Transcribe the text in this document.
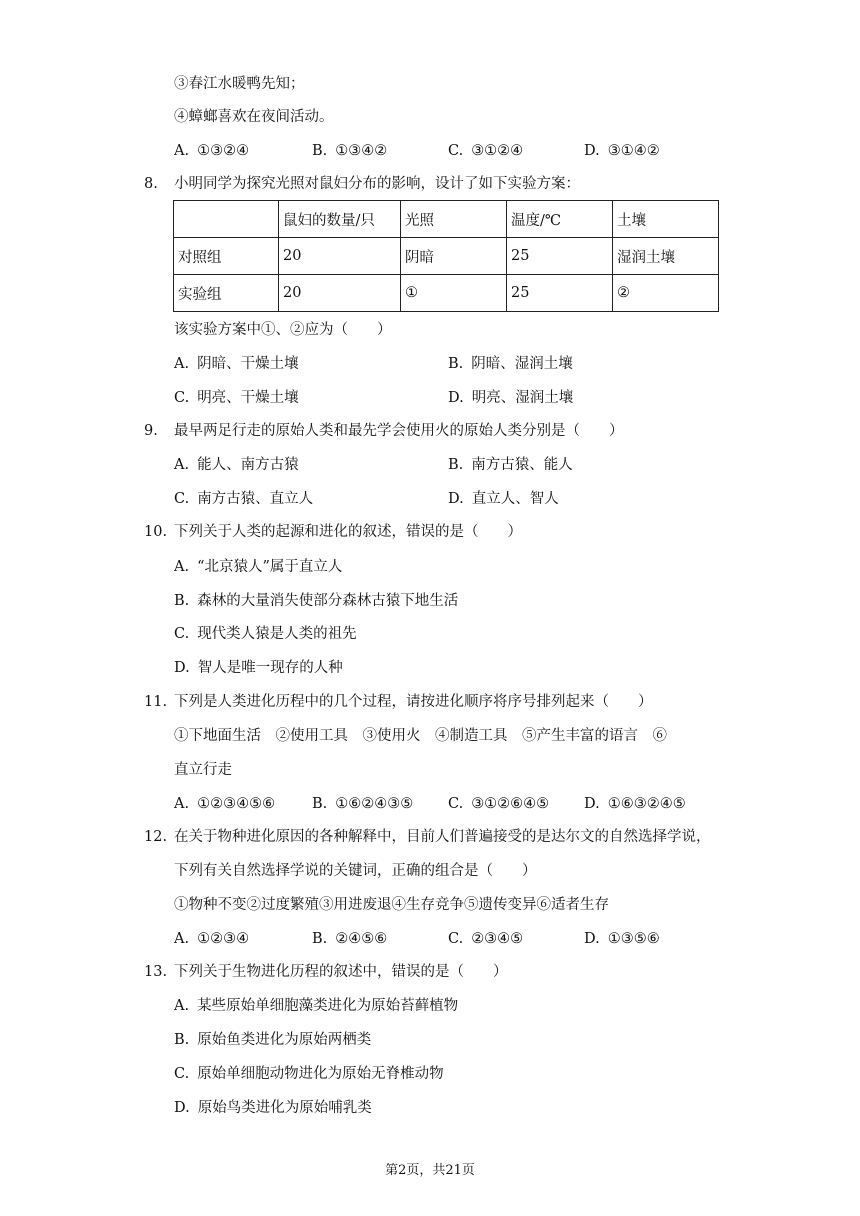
③春江水暖鸭先知；
④蟑螂喜欢在夜间活动。
A. ①③②④	B. ①③④②	C. ③①②④	D. ③①④②
8. 小明同学为探究光照对鼠妇分布的影响，设计了如下实验方案：
	鼠妇的数量/只	光照	温度/℃	土壤
对照组	20	阴暗	25	湿润土壤
实验组	20	①	25	②
该实验方案中①、②应为（　　）
A. 阴暗、干燥土壤	B. 阴暗、湿润土壤
C. 明亮、干燥土壤	D. 明亮、湿润土壤
9. 最早两足行走的原始人类和最先学会使用火的原始人类分别是（　　）
A. 能人、南方古猿	B. 南方古猿、能人
C. 南方古猿、直立人	D. 直立人、智人
10. 下列关于人类的起源和进化的叙述，错误的是（　　）
A. “北京猿人”属于直立人
B. 森林的大量消失使部分森林古猿下地生活
C. 现代类人猿是人类的祖先
D. 智人是唯一现存的人种
11. 下列是人类进化历程中的几个过程，请按进化顺序将序号排列起来（　　）
①下地面生活　②使用工具　③使用火　④制造工具　⑤产生丰富的语言　⑥
直立行走
A. ①②③④⑤⑥	B. ①⑥②④③⑤ C. ③①②⑥④⑤ D. ①⑥③②④⑤
12. 在关于物种进化原因的各种解释中，目前人们普遍接受的是达尔文的自然选择学说，
下列有关自然选择学说的关键词，正确的组合是（　　）
①物种不变②过度繁殖③用进废退④生存竞争⑤遗传变异⑥适者生存
A. ①②③④	B. ②④⑤⑥	C. ②③④⑤	D. ①③⑤⑥
13. 下列关于生物进化历程的叙述中，错误的是（　　）
A. 某些原始单细胞藻类进化为原始苔藓植物
B. 原始鱼类进化为原始两栖类
C. 原始单细胞动物进化为原始无脊椎动物
D. 原始鸟类进化为原始哺乳类
第2页，共21页
